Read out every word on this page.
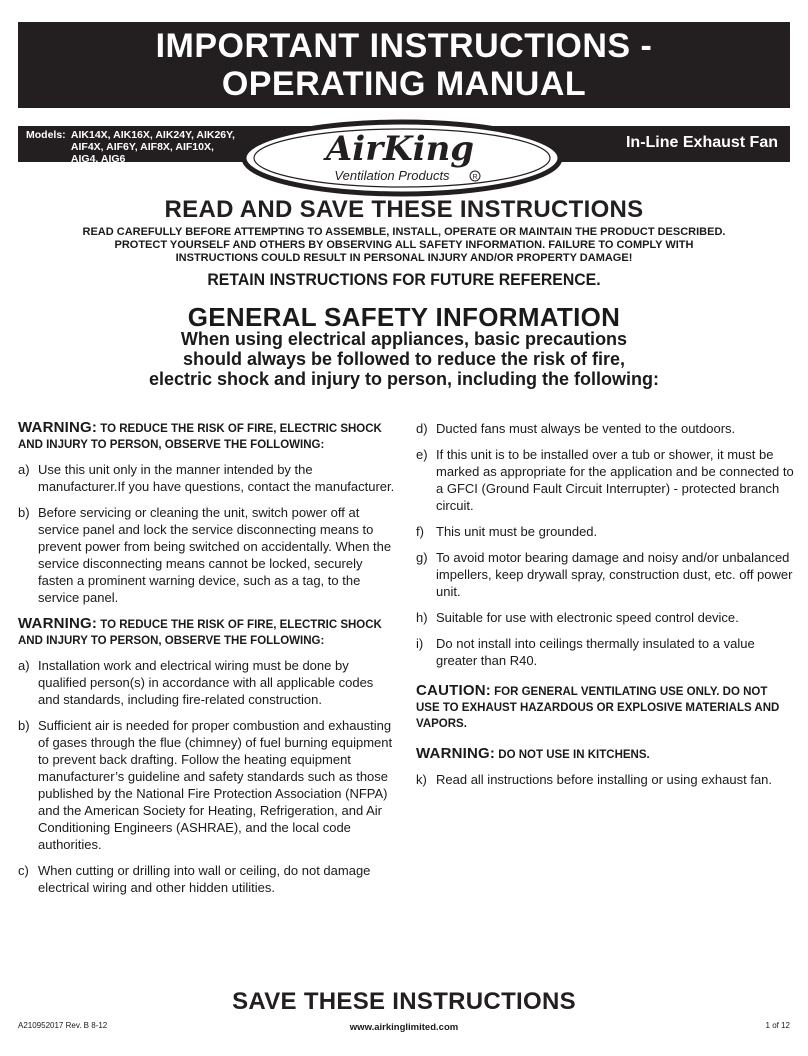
IMPORTANT INSTRUCTIONS -
OPERATING MANUAL
Models: AIK14X, AIK16X, AIK24Y, AIK26Y,
AIF4X, AIF6Y, AIF8X, AIF10X,
AIG4, AIG6
In-Line Exhaust Fan
AirKing
Ventilation Products	R
READ AND SAVE THESE INSTRUCTIONS
READ CAREFULLY BEFORE ATTEMPTING TO ASSEMBLE, INSTALL, OPERATE OR MAINTAIN THE PRODUCT DESCRIBED.
PROTECT YOURSELF AND OTHERS BY OBSERVING ALL SAFETY INFORMATION. FAILURE TO COMPLY WITH
INSTRUCTIONS COULD RESULT IN PERSONAL INJURY AND/OR PROPERTY DAMAGE!
RETAIN INSTRUCTIONS FOR FUTURE REFERENCE.
GENERAL SAFETY INFORMATION
When using electrical appliances, basic precautions
should always be followed to reduce the risk of fire,
electric shock and injury to person, including the following:
WARNING: TO REDUCE THE RISK OF FIRE, ELECTRIC SHOCK AND INJURY TO PERSON, OBSERVE THE FOLLOWING:
a) Use this unit only in the manner intended by the manufacturer.If you have questions, contact the manufacturer.
b) Before servicing or cleaning the unit, switch power off at service panel and lock the service disconnecting means to prevent power from being switched on accidentally. When the service disconnecting means cannot be locked, securely fasten a prominent warning device, such as a tag, to the service panel.
WARNING: TO REDUCE THE RISK OF FIRE, ELECTRIC SHOCK AND INJURY TO PERSON, OBSERVE THE FOLLOWING:
a) Installation work and electrical wiring must be done by qualified person(s) in accordance with all applicable codes and standards, including fire-related construction.
b) Sufficient air is needed for proper combustion and exhausting of gases through the flue (chimney) of fuel burning equipment to prevent back drafting. Follow the heating equipment manufacturer’s guideline and safety standards such as those published by the National Fire Protection Association (NFPA) and the American Society for Heating, Refrigeration, and Air Conditioning Engineers (ASHRAE), and the local code authorities.
c) When cutting or drilling into wall or ceiling, do not damage electrical wiring and other hidden utilities.
d) Ducted fans must always be vented to the outdoors.
e) If this unit is to be installed over a tub or shower, it must be marked as appropriate for the application and be connected to a GFCI (Ground Fault Circuit Interrupter) - protected branch circuit.
f) This unit must be grounded.
g) To avoid motor bearing damage and noisy and/or unbalanced impellers, keep drywall spray, construction dust, etc. off power unit.
h) Suitable for use with electronic speed control device.
i) Do not install into ceilings thermally insulated to a value greater than R40.
CAUTION: FOR GENERAL VENTILATING USE ONLY. DO NOT USE TO EXHAUST HAZARDOUS OR EXPLOSIVE MATERIALS AND VAPORS.
WARNING: DO NOT USE IN KITCHENS.
k) Read all instructions before installing or using exhaust fan.
SAVE THESE INSTRUCTIONS
A210952017 Rev. B 8-12	www.airkinglimited.com	1 of 12
